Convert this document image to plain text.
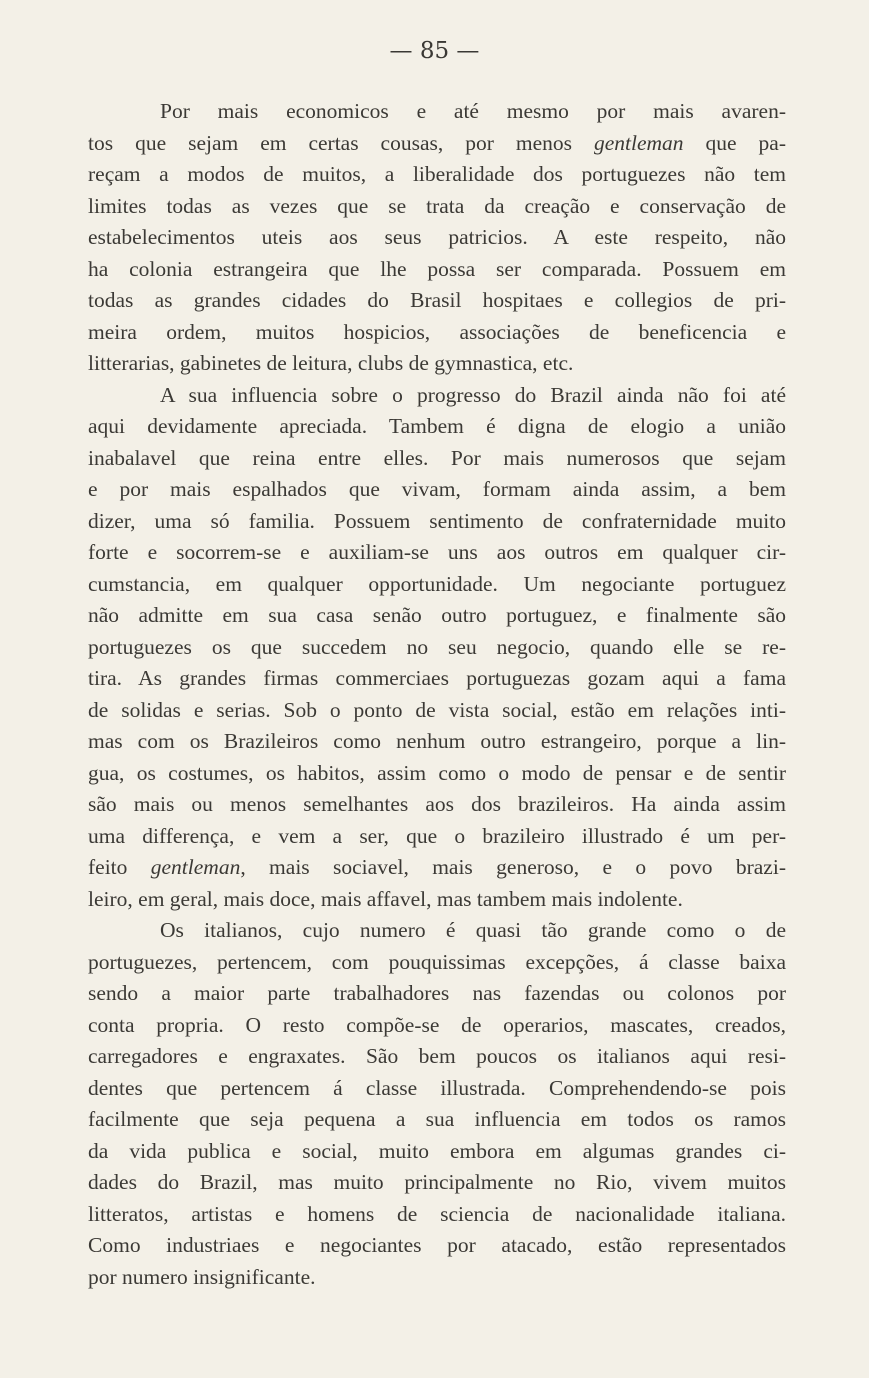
— 85 —
Por mais economicos e até mesmo por mais avaren-
tos que sejam em certas cousas, por menos gentleman que pa-
reçam a modos de muitos, a liberalidade dos portuguezes não tem
limites todas as vezes que se trata da creação e conservação de
estabelecimentos uteis aos seus patricios. A este respeito, não
ha colonia estrangeira que lhe possa ser comparada. Possuem em
todas as grandes cidades do Brasil hospitaes e collegios de pri-
meira ordem, muitos hospicios, associações de beneficencia e
litterarias, gabinetes de leitura, clubs de gymnastica, etc.
A sua influencia sobre o progresso do Brazil ainda não foi até
aqui devidamente apreciada. Tambem é digna de elogio a união
inabalavel que reina entre elles. Por mais numerosos que sejam
e por mais espalhados que vivam, formam ainda assim, a bem
dizer, uma só familia. Possuem sentimento de confraternidade muito
forte e socorrem-se e auxiliam-se uns aos outros em qualquer cir-
cumstancia, em qualquer opportunidade. Um negociante portuguez
não admitte em sua casa senão outro portuguez, e finalmente são
portuguezes os que succedem no seu negocio, quando elle se re-
tira. As grandes firmas commerciaes portuguezas gozam aqui a fama
de solidas e serias. Sob o ponto de vista social, estão em relações inti-
mas com os Brazileiros como nenhum outro estrangeiro, porque a lin-
gua, os costumes, os habitos, assim como o modo de pensar e de sentir
são mais ou menos semelhantes aos dos brazileiros. Ha ainda assim
uma differença, e vem a ser, que o brazileiro illustrado é um per-
feito gentleman, mais sociavel, mais generoso, e o povo brazi-
leiro, em geral, mais doce, mais affavel, mas tambem mais indolente.
Os italianos, cujo numero é quasi tão grande como o de
portuguezes, pertencem, com pouquissimas excepções, á classe baixa
sendo a maior parte trabalhadores nas fazendas ou colonos por
conta propria. O resto compõe-se de operarios, mascates, creados,
carregadores e engraxates. São bem poucos os italianos aqui resi-
dentes que pertencem á classe illustrada. Comprehendendo-se pois
facilmente que seja pequena a sua influencia em todos os ramos
da vida publica e social, muito embora em algumas grandes ci-
dades do Brazil, mas muito principalmente no Rio, vivem muitos
litteratos, artistas e homens de sciencia de nacionalidade italiana.
Como industriaes e negociantes por atacado, estão representados
por numero insignificante.
